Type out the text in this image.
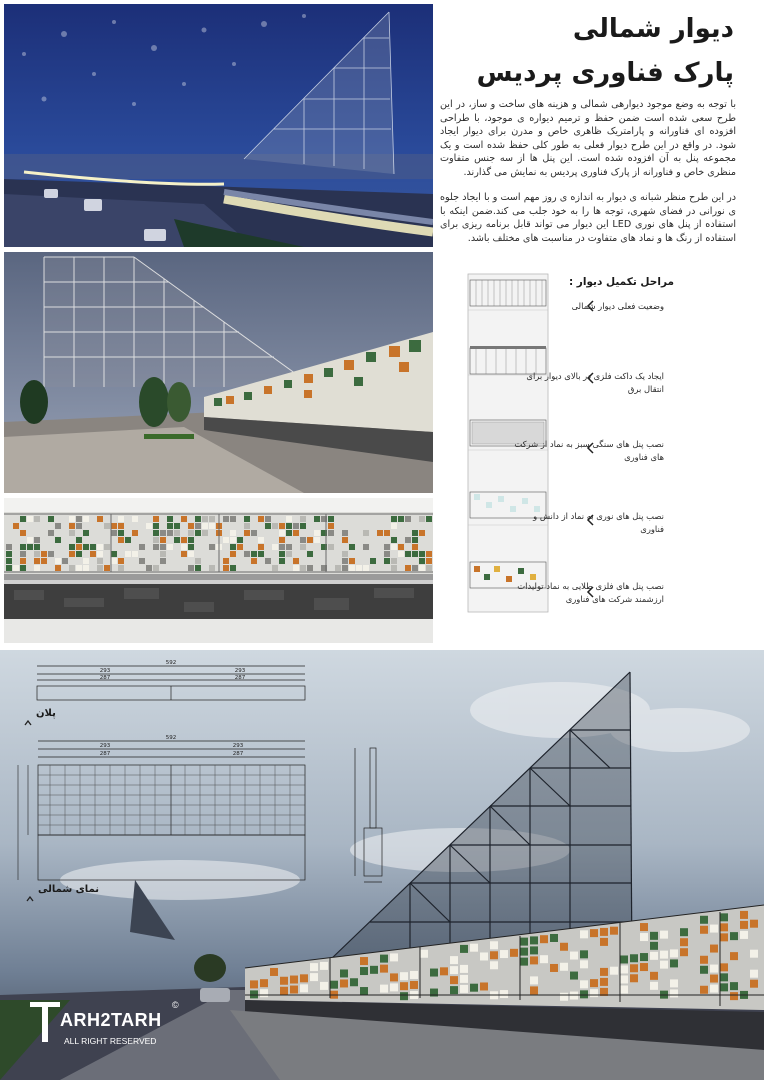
دیوار شمالی
پارک فناوری پردیس
با توجه به وضع موجود دیوارهی شمالی و هزینه های ساخت و ساز، در این طرح سعی شده است ضمن حفظ و ترمیم دیواره ی موجود، با طراحی افزوده ای فناورانه و پارامتریک ظاهری خاص و مدرن برای دیوار ایجاد شود. در واقع در این طرح دیوار فعلی به طور کلی حفظ شده است و یک مجموعه پنل به آن افزوده شده است. این پنل ها از سه جنس متفاوت منظری خاص و فناورانه از پارک فناوری پردیس به نمایش می گذارند.
در این طرح منظر شبانه ی دیوار به اندازه ی روز مهم است و با ایجاد جلوه ی نورانی در فضای شهری، توجه ها را به خود جلب می کند.ضمن اینکه با استفاده از پنل های نوری LED این دیوار می تواند قابل برنامه ریزی برای استفاده از رنگ ها و نماد های متفاوت در مناسبت های مختلف باشد.
مراحل تکمیل دیوار :
وضعیت فعلی دیوار شمالی
ایجاد یک داکت فلزی در بالای دیوار برای انتقال برق
نصب پنل های سنگی سبز به نماد از شرکت های فناوری
نصب پنل های نوری به نماد از دانش و فناوری
نصب پنل های فلزی طلایی به نماد تولیدات ارزشمند شرکت های فناوری
592
293	293
287	287
پلان
592
293	293
287	287
نمای شمالی
ARH2TARH
©
ALL RIGHT RESERVED
